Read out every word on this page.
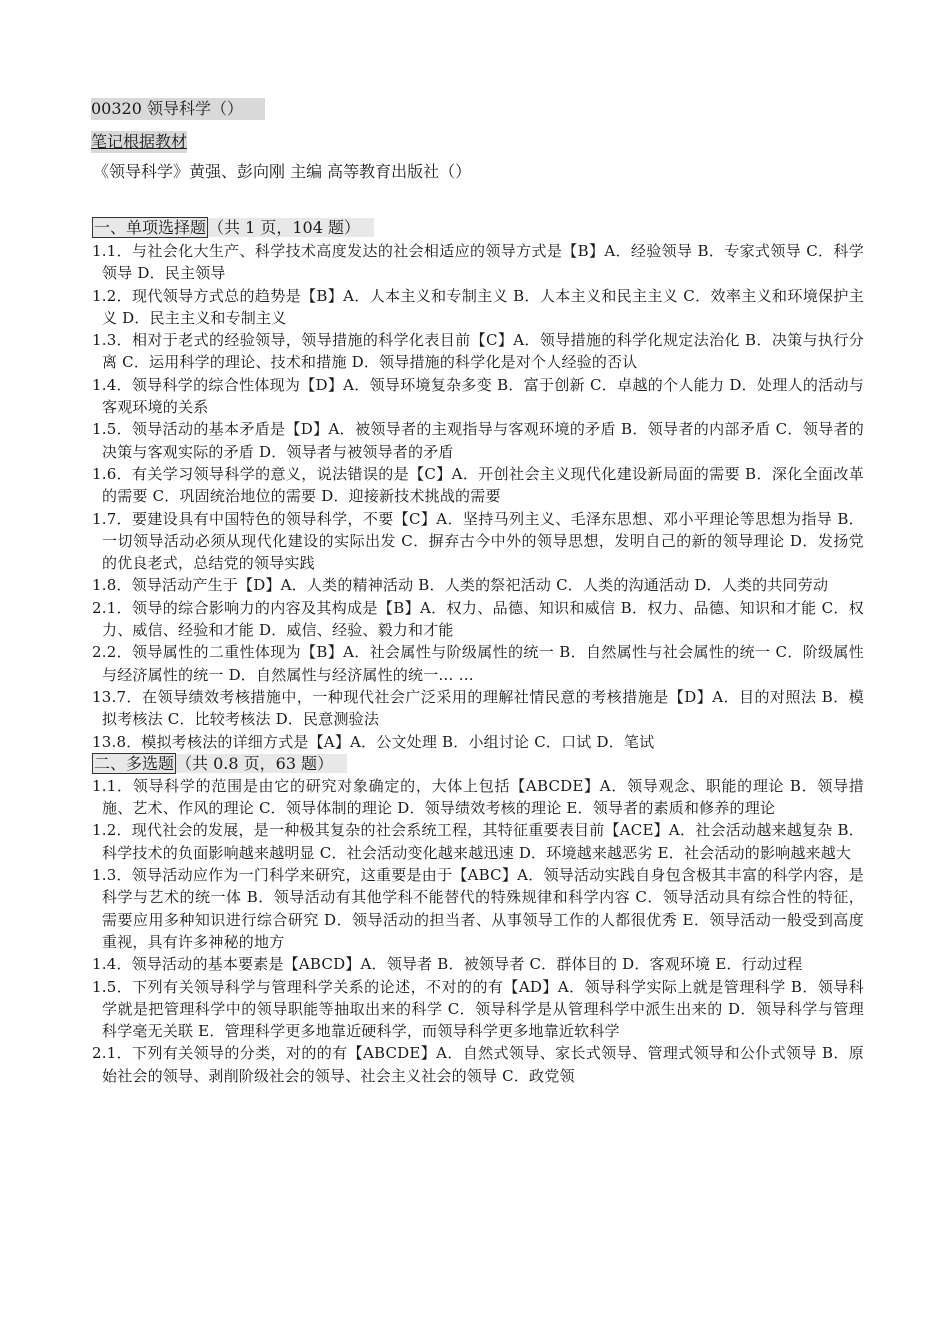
00320 领导科学（）
笔记根据教材
《领导科学》黄强、彭向刚 主编 高等教育出版社（）
一、单项选择题 （共 1 页，104 题）
1.1．与社会化大生产、科学技术高度发达的社会相适应的领导方式是【B】A．经验领导 B．专家式领导 C．科学领导 D．民主领导
1.2．现代领导方式总的趋势是【B】A．人本主义和专制主义 B．人本主义和民主主义 C．效率主义和环境保护主义 D．民主主义和专制主义
1.3．相对于老式的经验领导，领导措施的科学化表目前【C】A．领导措施的科学化规定法治化 B．决策与执行分离 C．运用科学的理论、技术和措施 D．领导措施的科学化是对个人经验的否认
1.4．领导科学的综合性体现为【D】A．领导环境复杂多变 B．富于创新 C．卓越的个人能力 D．处理人的活动与客观环境的关系
1.5．领导活动的基本矛盾是【D】A．被领导者的主观指导与客观环境的矛盾 B．领导者的内部矛盾 C．领导者的决策与客观实际的矛盾 D．领导者与被领导者的矛盾
1.6．有关学习领导科学的意义，说法错误的是【C】A．开创社会主义现代化建设新局面的需要 B．深化全面改革的需要 C．巩固统治地位的需要 D．迎接新技术挑战的需要
1.7．要建设具有中国特色的领导科学，不要【C】A．坚持马列主义、毛泽东思想、邓小平理论等思想为指导 B．一切领导活动必须从现代化建设的实际出发 C．摒弃古今中外的领导思想，发明自己的新的领导理论 D．发扬党的优良老式，总结党的领导实践
1.8．领导活动产生于【D】A．人类的精神活动 B．人类的祭祀活动 C．人类的沟通活动 D．人类的共同劳动
2.1．领导的综合影响力的内容及其构成是【B】A．权力、品德、知识和威信 B．权力、品德、知识和才能 C．权力、威信、经验和才能 D．威信、经验、毅力和才能
2.2．领导属性的二重性体现为【B】A．社会属性与阶级属性的统一 B．自然属性与社会属性的统一 C．阶级属性与经济属性的统一 D．自然属性与经济属性的统一… …
13.7．在领导绩效考核措施中，一种现代社会广泛采用的理解社情民意的考核措施是【D】A．目的对照法 B．模拟考核法 C．比较考核法 D．民意测验法
13.8．模拟考核法的详细方式是【A】A．公文处理 B．小组讨论 C．口试 D．笔试
二、多选题 （共 0.8 页，63 题）
1.1．领导科学的范围是由它的研究对象确定的，大体上包括【ABCDE】A．领导观念、职能的理论 B．领导措施、艺术、作风的理论 C．领导体制的理论 D．领导绩效考核的理论 E．领导者的素质和修养的理论
1.2．现代社会的发展，是一种极其复杂的社会系统工程，其特征重要表目前【ACE】A．社会活动越来越复杂 B．科学技术的负面影响越来越明显 C．社会活动变化越来越迅速 D．环境越来越恶劣 E．社会活动的影响越来越大
1.3．领导活动应作为一门科学来研究，这重要是由于【ABC】A．领导活动实践自身包含极其丰富的科学内容，是科学与艺术的统一体 B．领导活动有其他学科不能替代的特殊规律和科学内容 C．领导活动具有综合性的特征，需要应用多种知识进行综合研究 D．领导活动的担当者、从事领导工作的人都很优秀 E．领导活动一般受到高度重视，具有许多神秘的地方
1.4．领导活动的基本要素是【ABCD】A．领导者 B．被领导者 C．群体目的 D．客观环境 E．行动过程
1.5．下列有关领导科学与管理科学关系的论述，不对的的有【AD】A．领导科学实际上就是管理科学 B．领导科学就是把管理科学中的领导职能等抽取出来的科学 C．领导科学是从管理科学中派生出来的 D．领导科学与管理科学毫无关联 E．管理科学更多地靠近硬科学，而领导科学更多地靠近软科学
2.1．下列有关领导的分类，对的的有【ABCDE】A．自然式领导、家长式领导、管理式领导和公仆式领导 B．原始社会的领导、剥削阶级社会的领导、社会主义社会的领导 C．政党领
